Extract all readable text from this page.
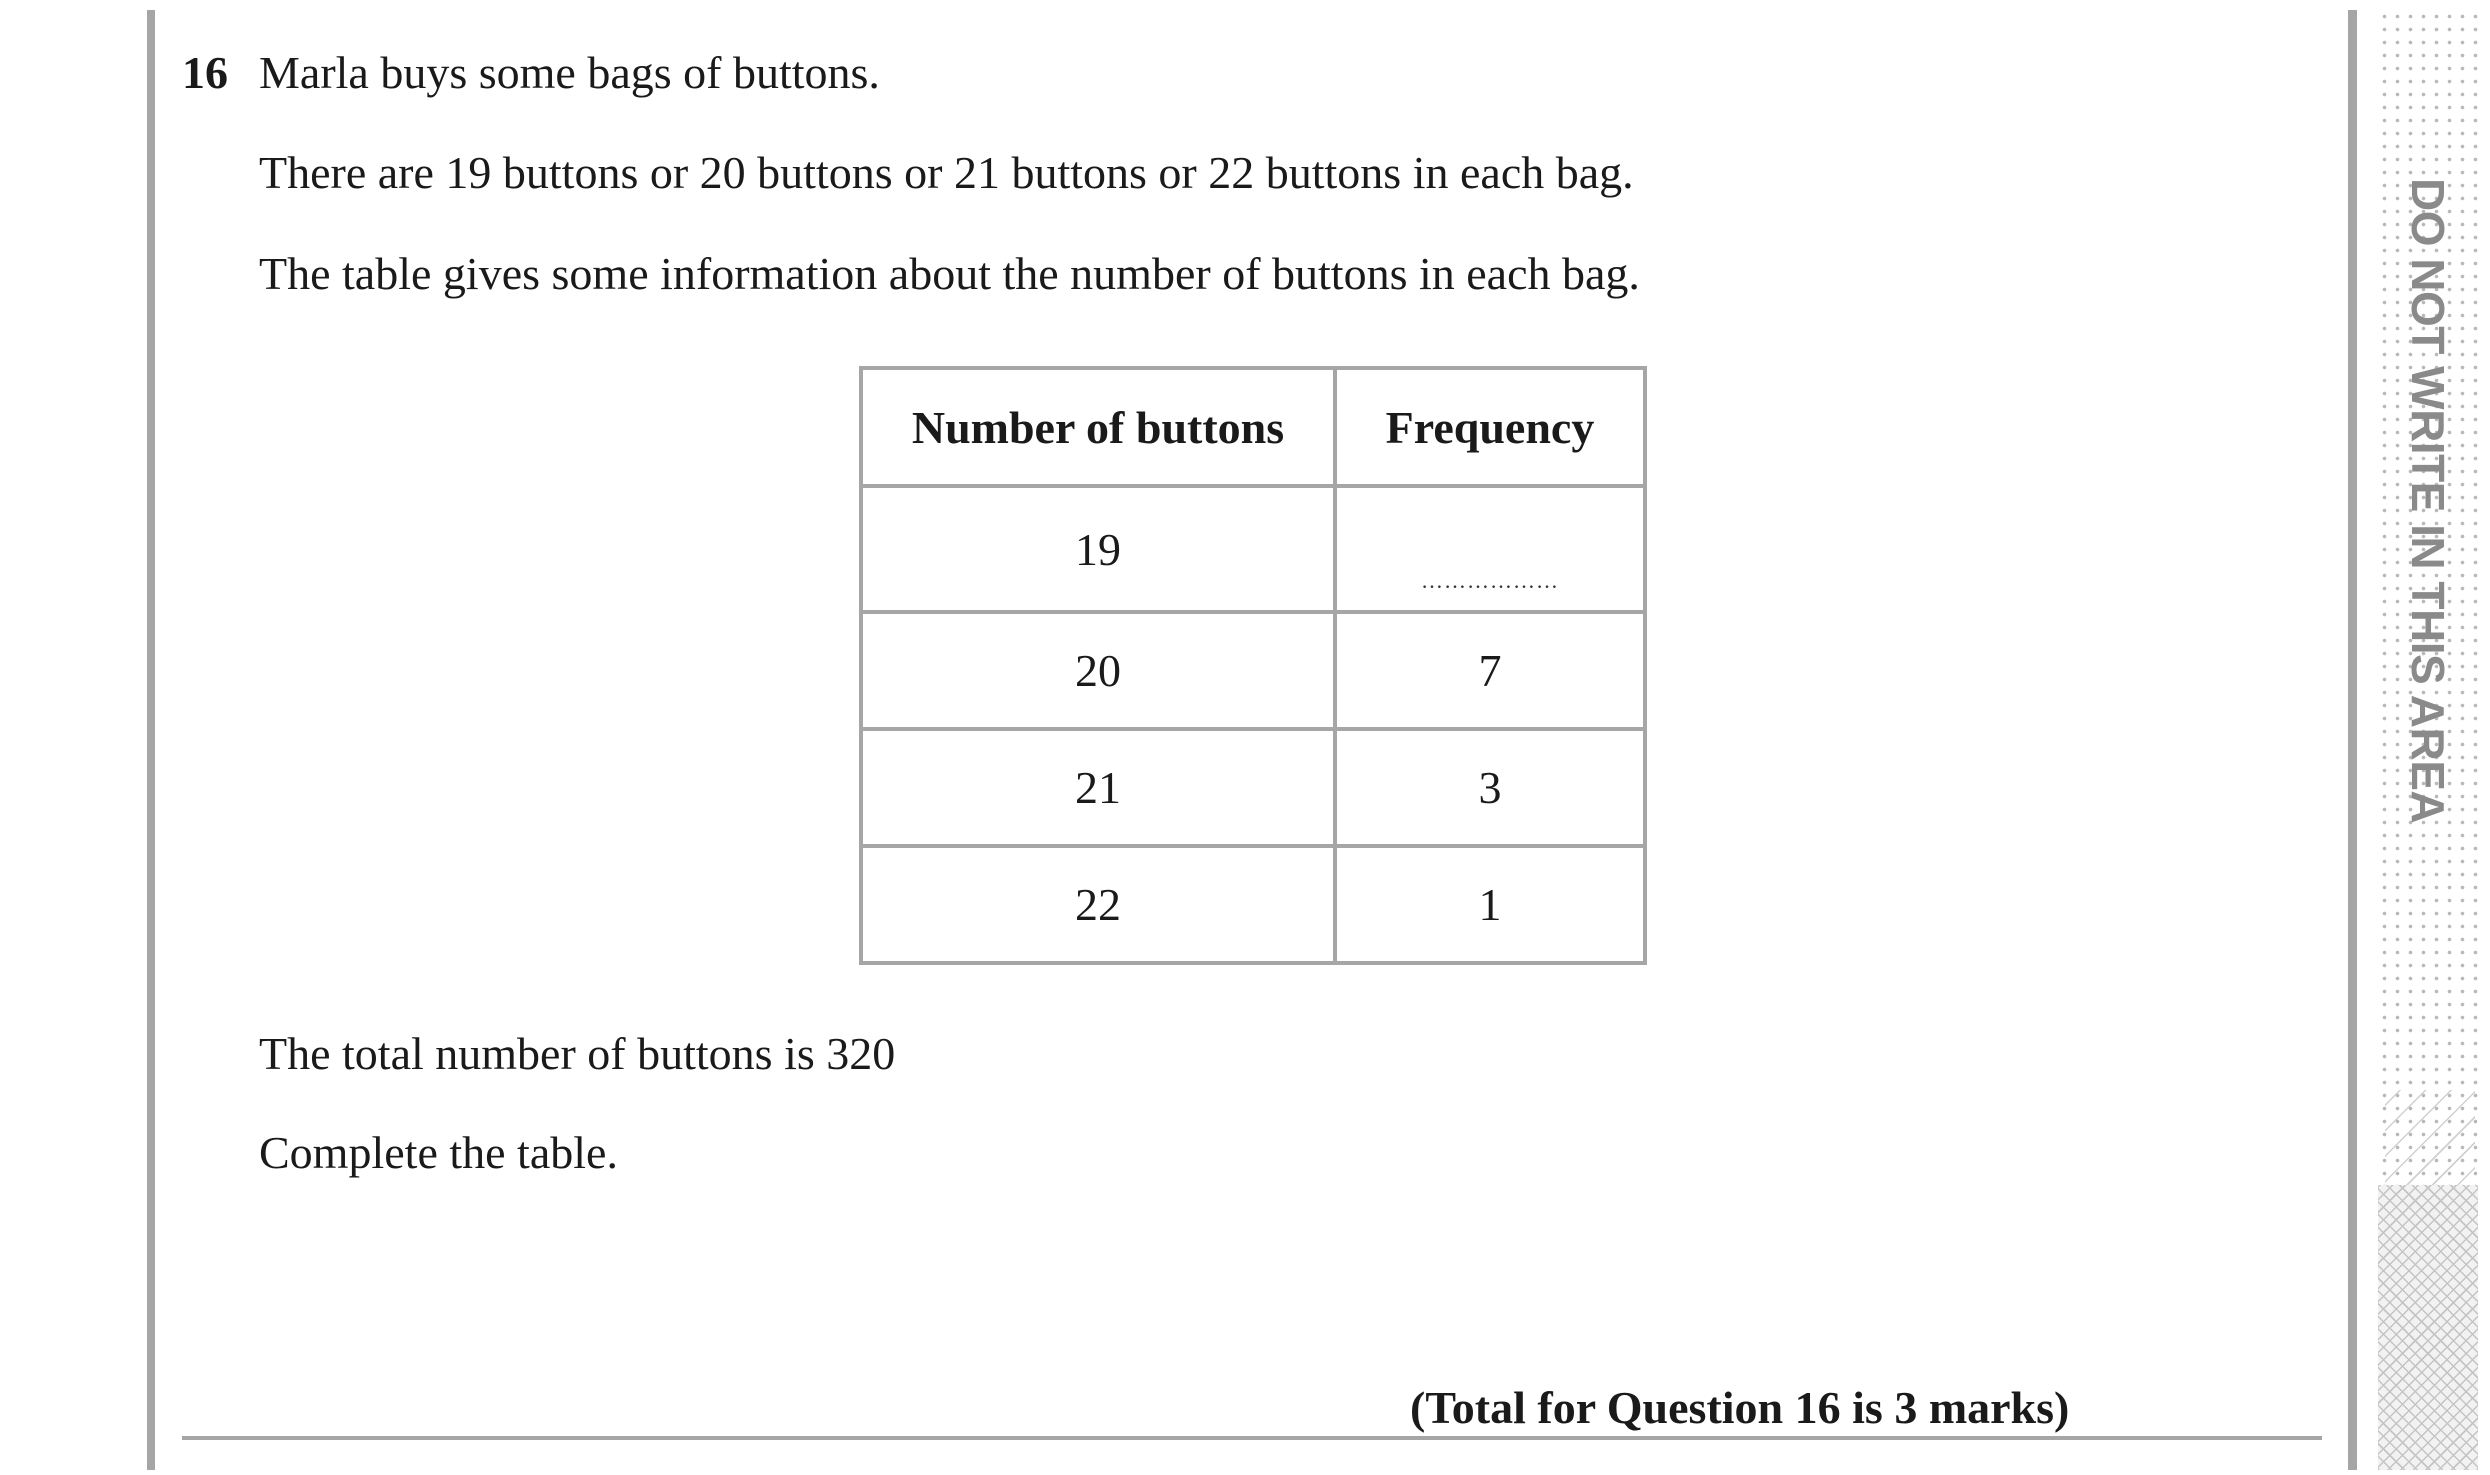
16 Marla buys some bags of buttons.
There are 19 buttons or 20 buttons or 21 buttons or 22 buttons in each bag.
The table gives some information about the number of buttons in each bag.
Number of buttons	Frequency
19	………………

20	7
21	3
22	1
The total number of buttons is 320
Complete the table.
(Total for Question 16 is 3 marks)
DO NOT WRITE IN THIS AREA
